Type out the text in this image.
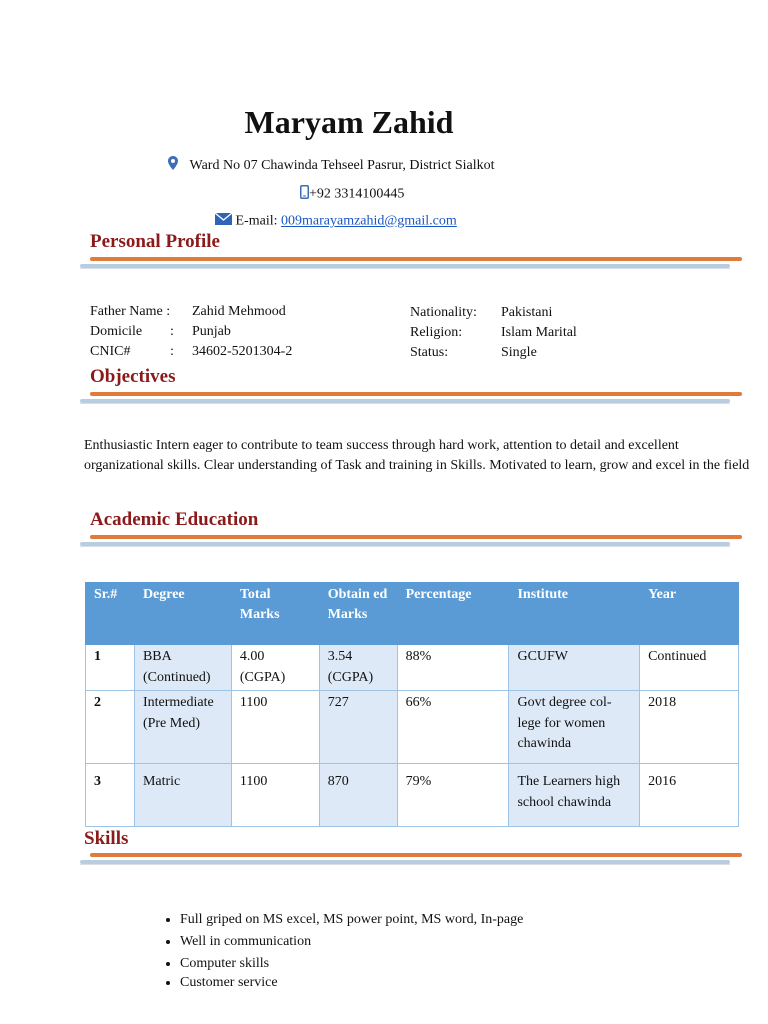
Maryam Zahid
Ward No 07 Chawinda Tehseel Pasrur, District Sialkot
+92 3314100445
E-mail: 009marayamzahid@gmail.com
Personal Profile
Father Name : Zahid Mehmood
Domicile : Punjab
CNIC#	: 34602-5201304-2
Nationality: Pakistani
Religion:	Islam Marital
Status:	Single
Objectives
Enthusiastic Intern eager to contribute to team success through hard work, attention to detail and excellent organizational skills. Clear understanding of Task and training in Skills. Motivated to learn, grow and excel in the field
Academic Education
Sr.#	Degree	Total Marks	Obtain ed Marks	Percentage	Institute	Year
1	BBA (Continued)	4.00 (CGPA)	3.54 (CGPA)	88%	GCUFW	Continued
2	Intermediate (Pre Med)	1100	727	66%	Govt degree col-lege for women chawinda	2018
3	Matric	1100	870	79%	The Learners high school chawinda	2016
Skills
• Full griped on MS excel, MS power point, MS word, In-page
• Well in communication
• Computer skills
• Customer service
